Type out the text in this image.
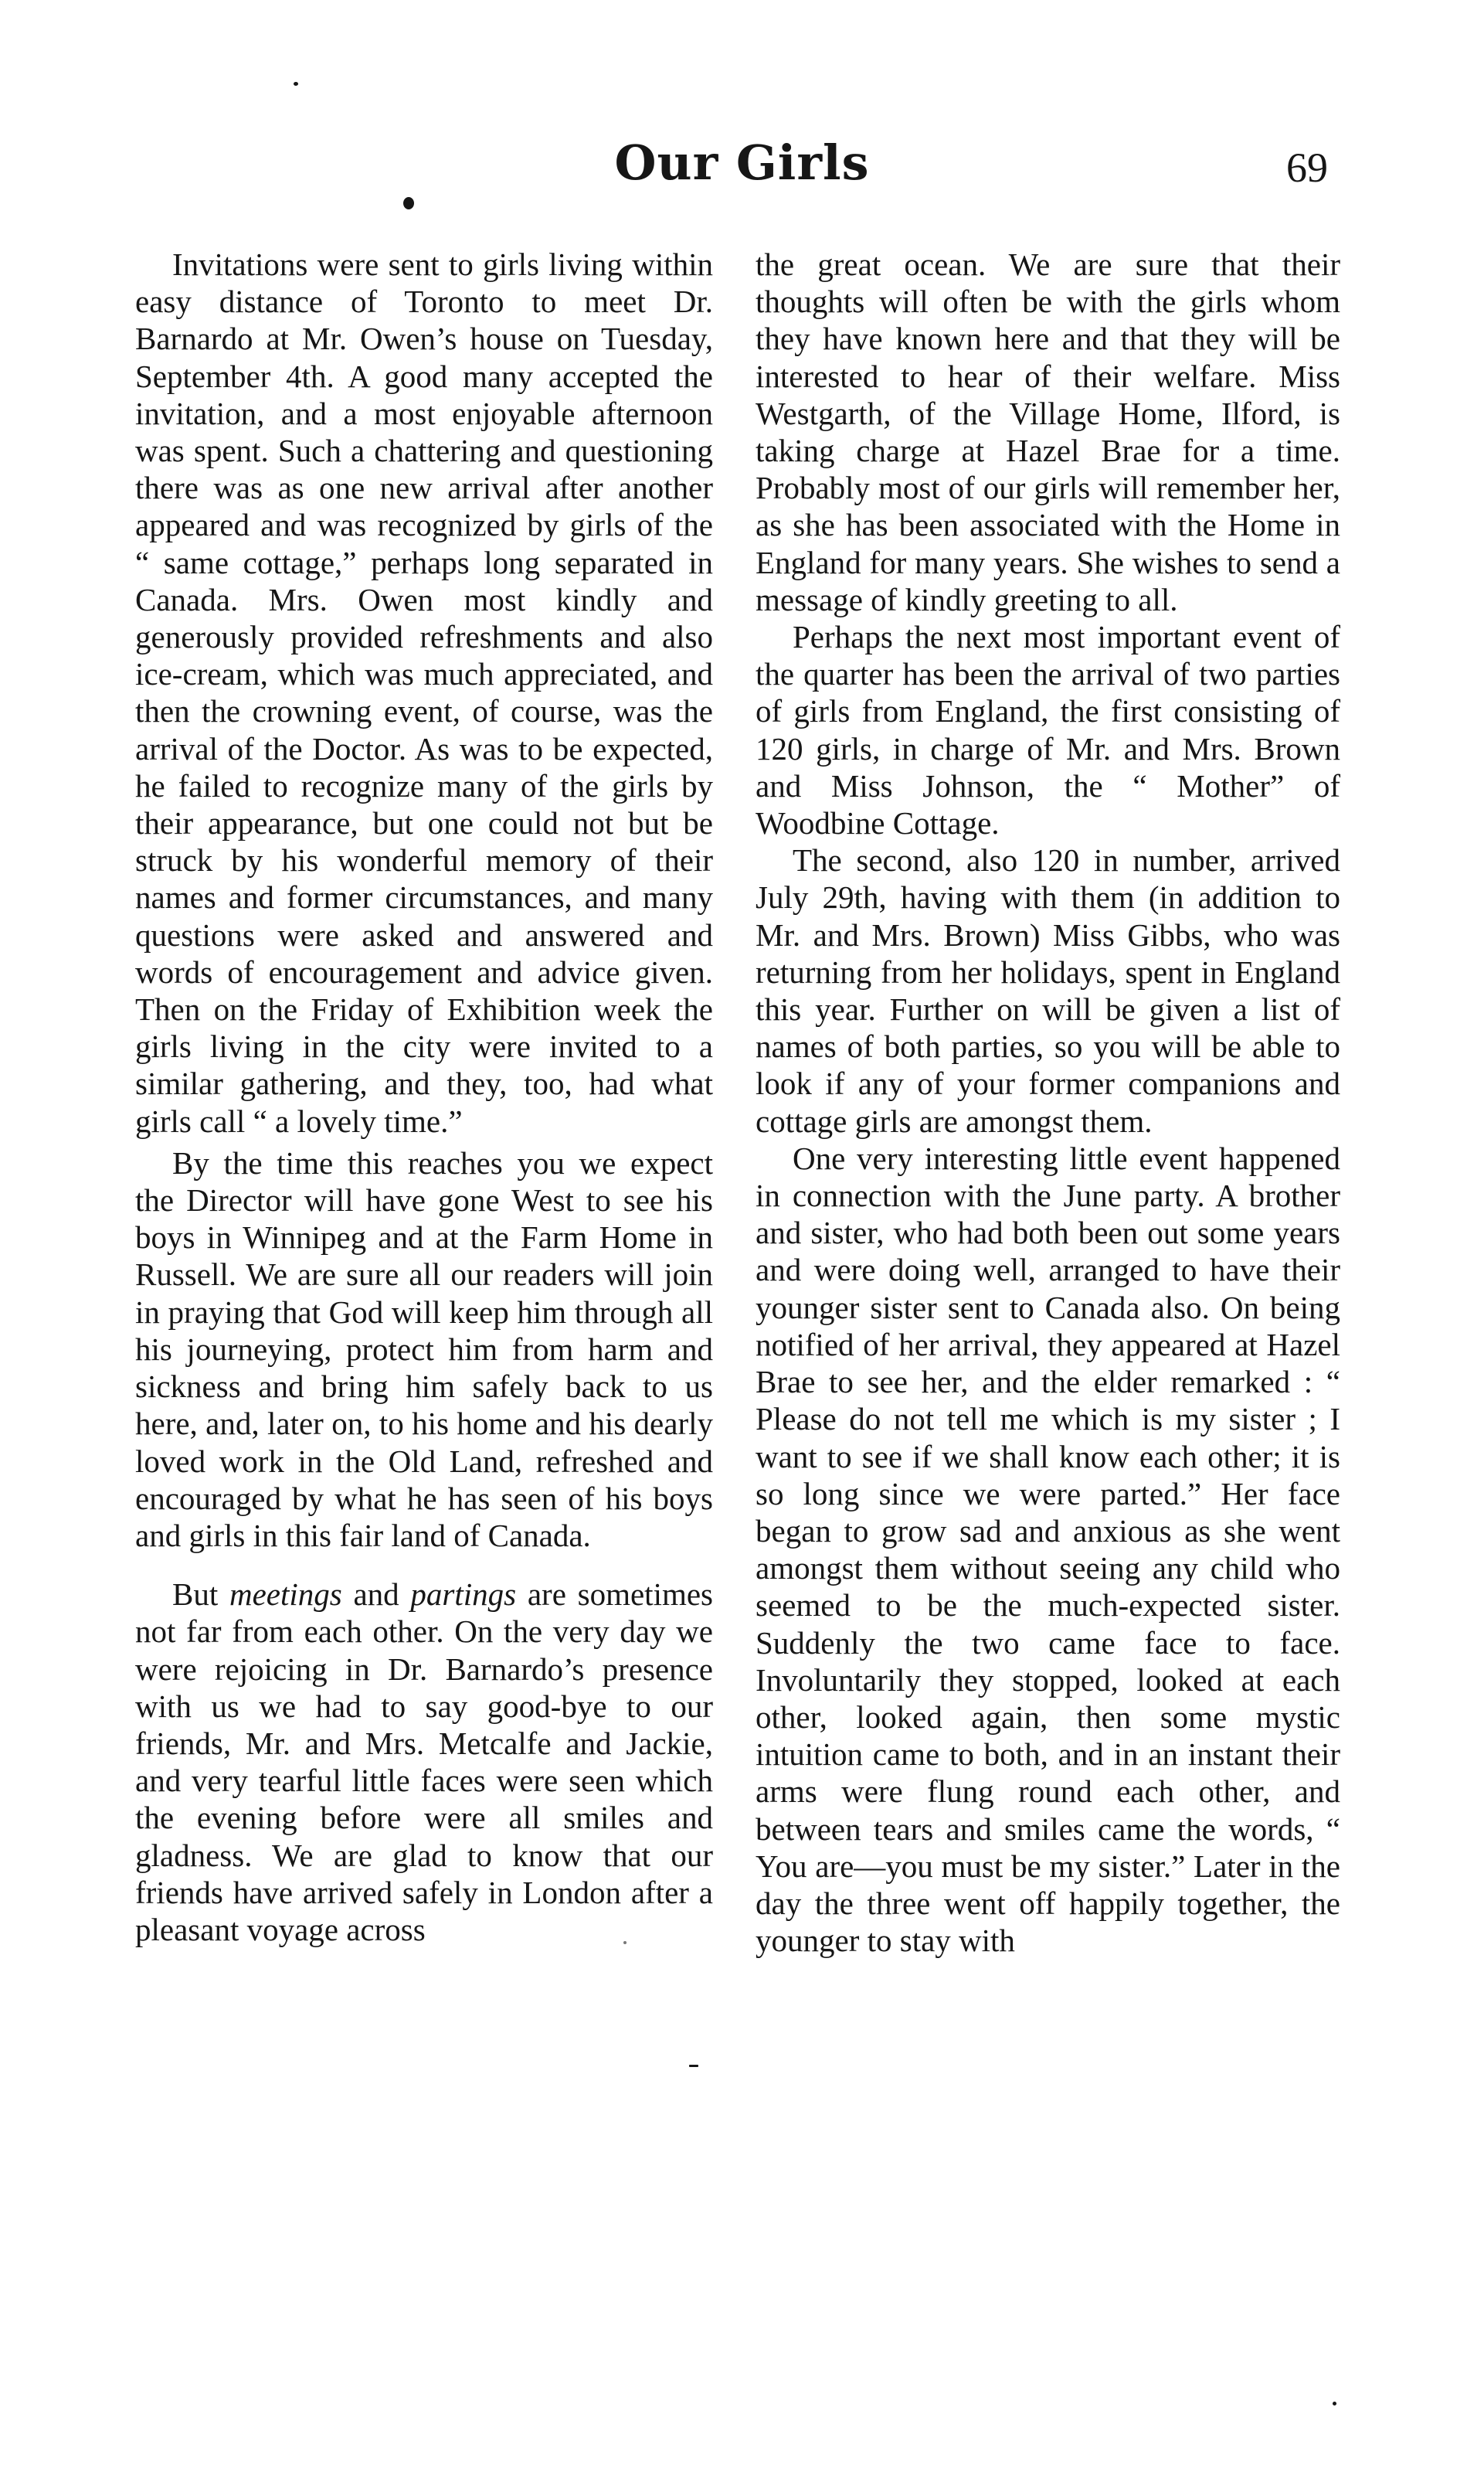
Our Girls	69

Invitations were sent to girls living within easy distance of Toronto to meet Dr. Barnardo at Mr. Owen’s house on Tuesday, September 4th. A good many accepted the invitation, and a most enjoyable afternoon was spent. Such a chattering and questioning there was as one new arrival after another appeared and was recognized by girls of the “ same cottage,” perhaps long separated in Canada. Mrs. Owen most kindly and generously provided refreshments and also ice-cream, which was much appreciated, and then the crowning event, of course, was the arrival of the Doctor. As was to be expected, he failed to recognize many of the girls by their appearance, but one could not but be struck by his wonderful memory of their names and former circumstances, and many questions were asked and answered and words of encouragement and advice given. Then on the Friday of Exhibition week the girls living in the city were invited to a similar gathering, and they, too, had what girls call “ a lovely time.”

By the time this reaches you we expect the Director will have gone West to see his boys in Winnipeg and at the Farm Home in Russell. We are sure all our readers will join in praying that God will keep him through all his journeying, protect him from harm and sickness and bring him safely back to us here, and, later on, to his home and his dearly loved work in the Old Land, refreshed and encouraged by what he has seen of his boys and girls in this fair land of Canada.

But meetings and partings are sometimes not far from each other. On the very day we were rejoicing in Dr. Barnardo’s presence with us we had to say good-bye to our friends, Mr. and Mrs. Metcalfe and Jackie, and very tearful little faces were seen which the evening before were all smiles and gladness. We are glad to know that our friends have arrived safely in London after a pleasant voyage across

the great ocean. We are sure that their thoughts will often be with the girls whom they have known here and that they will be interested to hear of their welfare. Miss Westgarth, of the Village Home, Ilford, is taking charge at Hazel Brae for a time. Probably most of our girls will remember her, as she has been associated with the Home in England for many years. She wishes to send a message of kindly greeting to all.

Perhaps the next most important event of the quarter has been the arrival of two parties of girls from England, the first consisting of 120 girls, in charge of Mr. and Mrs. Brown and Miss Johnson, the “ Mother” of Woodbine Cottage.

The second, also 120 in number, arrived July 29th, having with them (in addition to Mr. and Mrs. Brown) Miss Gibbs, who was returning from her holidays, spent in England this year. Further on will be given a list of names of both parties, so you will be able to look if any of your former companions and cottage girls are amongst them.

One very interesting little event happened in connection with the June party. A brother and sister, who had both been out some years and were doing well, arranged to have their younger sister sent to Canada also. On being notified of her arrival, they appeared at Hazel Brae to see her, and the elder remarked : “ Please do not tell me which is my sister ; I want to see if we shall know each other; it is so long since we were parted.” Her face began to grow sad and anxious as she went amongst them without seeing any child who seemed to be the much-expected sister. Suddenly the two came face to face. Involuntarily they stopped, looked at each other, looked again, then some mystic intuition came to both, and in an instant their arms were flung round each other, and between tears and smiles came the words, “ You are—you must be my sister.” Later in the day the three went off happily together, the younger to stay with
